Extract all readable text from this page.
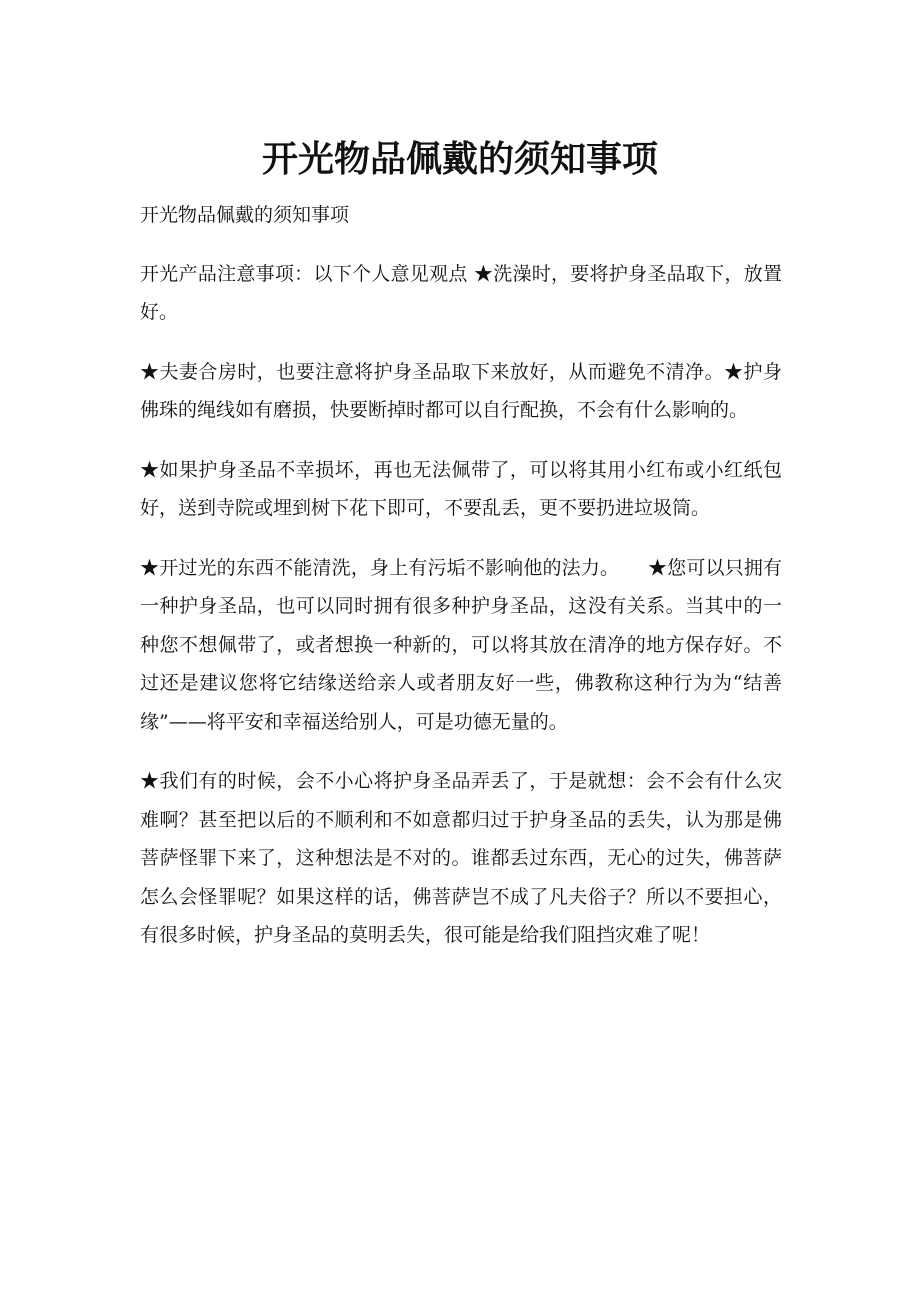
开光物品佩戴的须知事项

开光物品佩戴的须知事项

开光产品注意事项：以下个人意见观点 ★洗澡时，要将护身圣品取下，放置好。

★夫妻合房时，也要注意将护身圣品取下来放好，从而避免不清净。★护身佛珠的绳线如有磨损，快要断掉时都可以自行配换，不会有什么影响的。

★如果护身圣品不幸损坏，再也无法佩带了，可以将其用小红布或小红纸包好，送到寺院或埋到树下花下即可，不要乱丢，更不要扔进垃圾筒。

★开过光的东西不能清洗，身上有污垢不影响他的法力。　　★您可以只拥有一种护身圣品，也可以同时拥有很多种护身圣品，这没有关系。当其中的一种您不想佩带了，或者想换一种新的，可以将其放在清净的地方保存好。不过还是建议您将它结缘送给亲人或者朋友好一些，佛教称这种行为为“结善缘”——将平安和幸福送给别人，可是功德无量的。

★我们有的时候，会不小心将护身圣品弄丢了，于是就想：会不会有什么灾难啊？甚至把以后的不顺利和不如意都归过于护身圣品的丢失，认为那是佛菩萨怪罪下来了，这种想法是不对的。谁都丢过东西，无心的过失，佛菩萨怎么会怪罪呢？如果这样的话，佛菩萨岂不成了凡夫俗子？所以不要担心，有很多时候，护身圣品的莫明丢失，很可能是给我们阻挡灾难了呢！
